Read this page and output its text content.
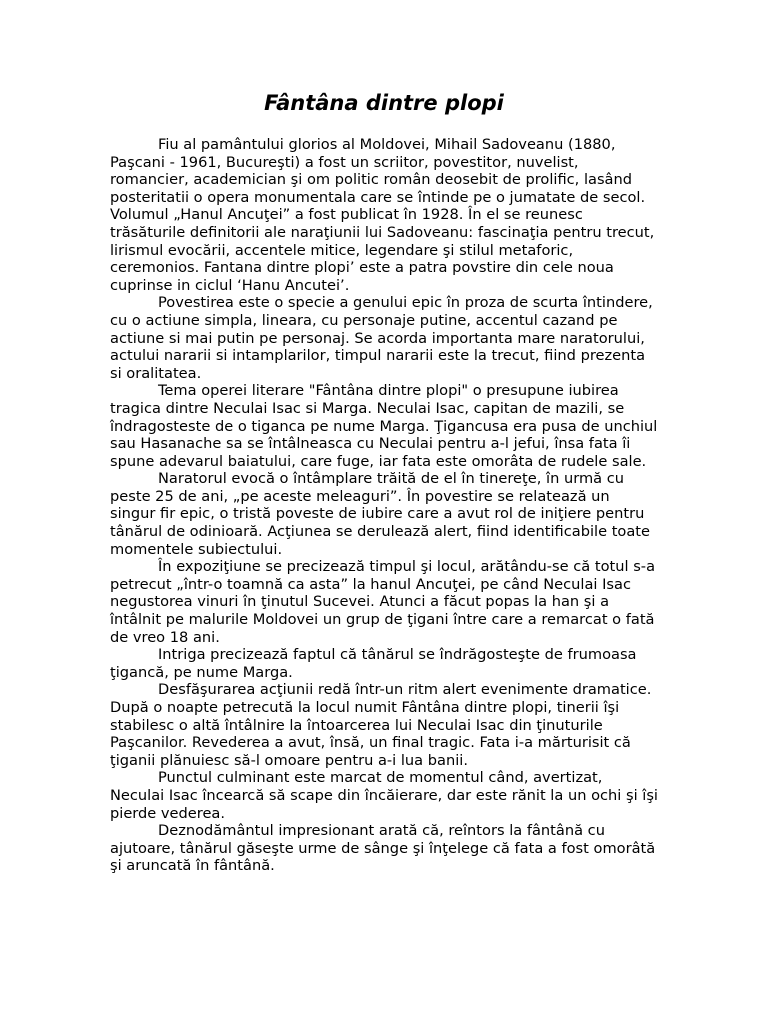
Fântâna dintre plopi

Fiu al pamântului glorios al Moldovei, Mihail Sadoveanu (1880, Paşcani - 1961, Bucureşti) a fost un scriitor, povestitor, nuvelist, romancier, academician şi om politic român deosebit de prolific, lasând posteritatii o opera monumentala care se întinde pe o jumatate de secol. Volumul „Hanul Ancuţei” a fost publicat în 1928. În el se reunesc trăsăturile definitorii ale naraţiunii lui Sadoveanu: fascinaţia pentru trecut, lirismul evocării, accentele mitice, legendare şi stilul metaforic, ceremonios. Fantana dintre plopi’ este a patra povstire din cele noua cuprinse in ciclul ‘Hanu Ancutei’.

Povestirea este o specie a genului epic în proza de scurta întindere, cu o actiune simpla, lineara, cu personaje putine, accentul cazand pe actiune si mai putin pe personaj. Se acorda importanta mare naratorului, actului nararii si intamplarilor, timpul nararii este la trecut, fiind prezenta si oralitatea.

Tema operei literare "Fântâna dintre plopi" o presupune iubirea tragica dintre Neculai Isac si Marga. Neculai Isac, capitan de mazili, se îndragosteste de o tiganca pe nume Marga. Ţigancusa era pusa de unchiul sau Hasanache sa se întâlneasca cu Neculai pentru a-l jefui, însa fata îi spune adevarul baiatului, care fuge, iar fata este omorâta de rudele sale.

Naratorul evocă o întâmplare trăită de el în tinereţe, în urmă cu peste 25 de ani, „pe aceste meleaguri”. În povestire se relatează un singur fir epic, o tristă poveste de iubire care a avut rol de iniţiere pentru tânărul de odinioară. Acţiunea se derulează alert, fiind identificabile toate momentele subiectului.

În expoziţiune se precizează timpul şi locul, arătându-se că totul s-a petrecut „într-o toamnă ca asta” la hanul Ancuţei, pe când Neculai Isac negustorea vinuri în ţinutul Sucevei. Atunci a făcut popas la han şi a întâlnit pe malurile Moldovei un grup de ţigani între care a remarcat o fată de vreo 18 ani.

Intriga precizează faptul că tânărul se îndrăgosteşte de frumoasa ţigancă, pe nume Marga.

Desfăşurarea acţiunii redă într-un ritm alert evenimente dramatice. După o noapte petrecută la locul numit Fântâna dintre plopi, tinerii îşi stabilesc o altă întâlnire la întoarcerea lui Neculai Isac din ţinuturile Paşcanilor. Revederea a avut, însă, un final tragic. Fata i-a mărturisit că ţiganii plănuiesc să-l omoare pentru a-i lua banii.

Punctul culminant este marcat de momentul când, avertizat, Neculai Isac încearcă să scape din încăierare, dar este rănit la un ochi şi îşi pierde vederea.

Deznodământul impresionant arată că, reîntors la fântână cu ajutoare, tânărul găseşte urme de sânge şi înţelege că fata a fost omorâtă şi aruncată în fântână.
